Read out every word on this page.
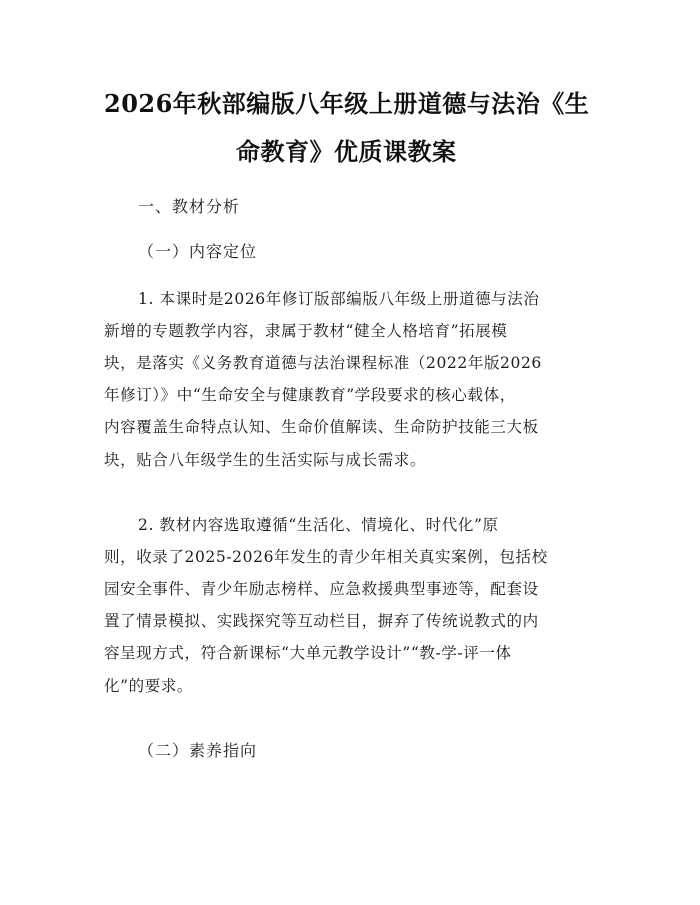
2026年秋部编版八年级上册道德与法治《生
命教育》优质课教案
一、教材分析
（一）内容定位
1. 本课时是2026年修订版部编版八年级上册道德与法治
新增的专题教学内容，隶属于教材“健全人格培育”拓展模
块，是落实《义务教育道德与法治课程标准（2022年版2026
年修订）》中“生命安全与健康教育”学段要求的核心载体，
内容覆盖生命特点认知、生命价值解读、生命防护技能三大板
块，贴合八年级学生的生活实际与成长需求。
2. 教材内容选取遵循“生活化、情境化、时代化”原
则，收录了2025-2026年发生的青少年相关真实案例，包括校
园安全事件、青少年励志榜样、应急救援典型事迹等，配套设
置了情景模拟、实践探究等互动栏目，摒弃了传统说教式的内
容呈现方式，符合新课标“大单元教学设计”“教-学-评一体
化”的要求。
（二）素养指向
